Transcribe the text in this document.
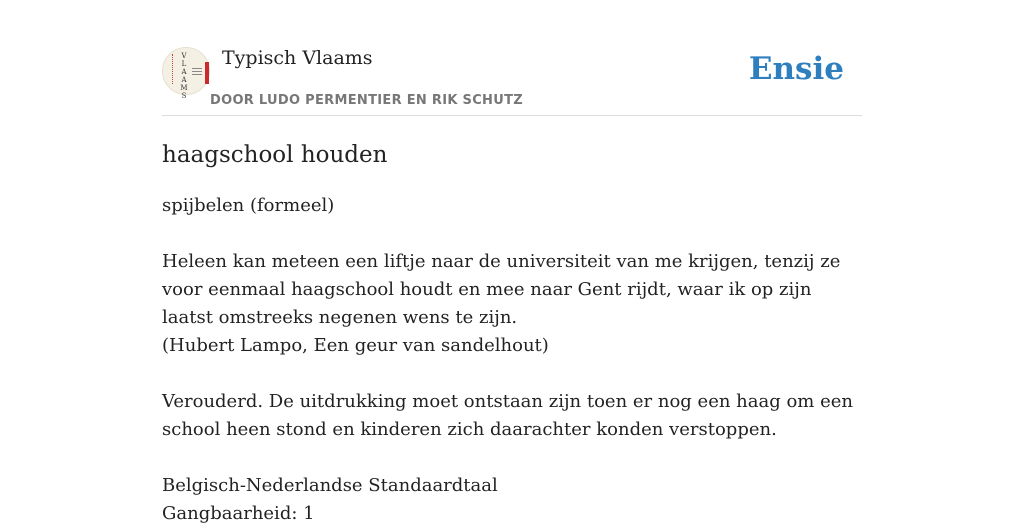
V
L
A
A
M
S
Typisch Vlaams
DOOR LUDO PERMENTIER EN RIK SCHUTZ
Ensie
haagschool houden

spijbelen (formeel)

Heleen kan meteen een liftje naar de universiteit van me krijgen, tenzij ze voor eenmaal haagschool houdt en mee naar Gent rijdt, waar ik op zijn laatst omstreeks negenen wens te zijn.
(Hubert Lampo, Een geur van sandelhout)

Verouderd. De uitdrukking moet ontstaan zijn toen er nog een haag om een school heen stond en kinderen zich daarachter konden verstoppen.

Belgisch-Nederlandse Standaardtaal
Gangbaarheid: 1
